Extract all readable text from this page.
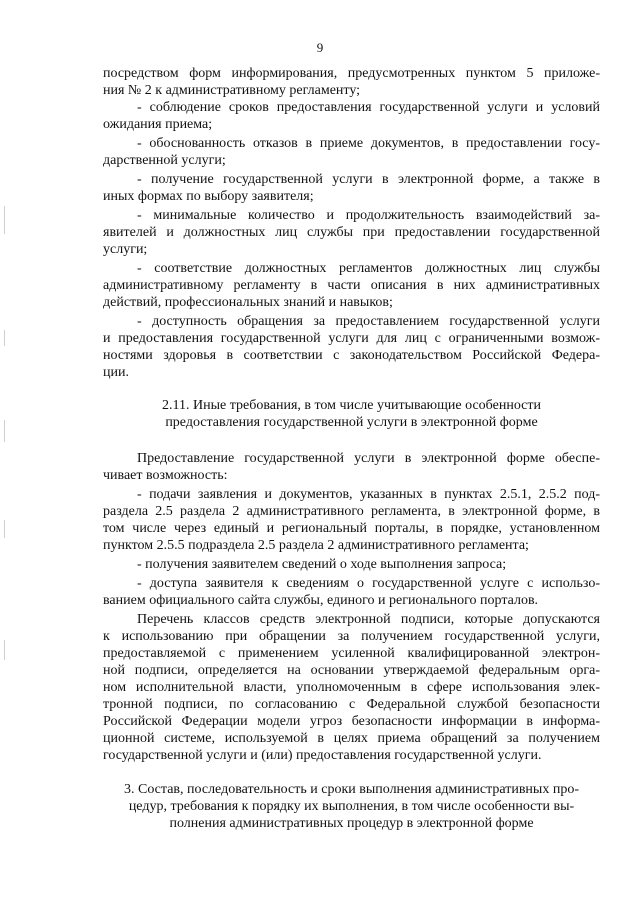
9
посредством форм информирования, предусмотренных пунктом 5 приложе-
ния № 2 к административному регламенту;
- соблюдение сроков предоставления государственной услуги и условий
ожидания приема;
- обоснованность отказов в приеме документов, в предоставлении госу-
дарственной услуги;
- получение государственной услуги в электронной форме, а также в
иных формах по выбору заявителя;
- минимальные количество и продолжительность взаимодействий за-
явителей и должностных лиц службы при предоставлении государственной
услуги;
- соответствие должностных регламентов должностных лиц службы
административному регламенту в части описания в них административных
действий, профессиональных знаний и навыков;
- доступность обращения за предоставлением государственной услуги
и предоставления государственной услуги для лиц с ограниченными возмож-
ностями здоровья в соответствии с законодательством Российской Федера-
ции.
2.11. Иные требования, в том числе учитывающие особенности
предоставления государственной услуги в электронной форме
Предоставление государственной услуги в электронной форме обеспе-
чивает возможность:
- подачи заявления и документов, указанных в пунктах 2.5.1, 2.5.2 под-
раздела 2.5 раздела 2 административного регламента, в электронной форме, в
том числе через единый и региональный порталы, в порядке, установленном
пунктом 2.5.5 подраздела 2.5 раздела 2 административного регламента;
- получения заявителем сведений о ходе выполнения запроса;
- доступа заявителя к сведениям о государственной услуге с использо-
ванием официального сайта службы, единого и регионального порталов.
Перечень классов средств электронной подписи, которые допускаются
к использованию при обращении за получением государственной услуги,
предоставляемой с применением усиленной квалифицированной электрон-
ной подписи, определяется на основании утверждаемой федеральным орга-
ном исполнительной власти, уполномоченным в сфере использования элек-
тронной подписи, по согласованию с Федеральной службой безопасности
Российской Федерации модели угроз безопасности информации в информа-
ционной системе, используемой в целях приема обращений за получением
государственной услуги и (или) предоставления государственной услуги.
3. Состав, последовательность и сроки выполнения административных про-
цедур, требования к порядку их выполнения, в том числе особенности вы-
полнения административных процедур в электронной форме
